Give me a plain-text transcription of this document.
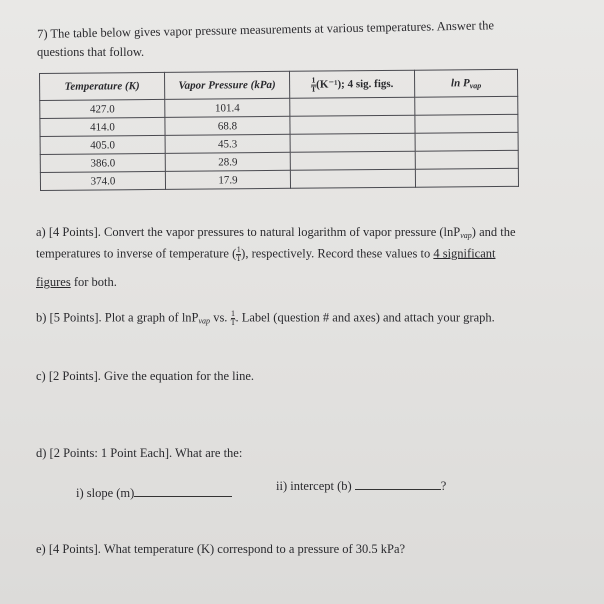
7) The table below gives vapor pressure measurements at various temperatures. Answer the
questions that follow.
Temperature (K)	Vapor Pressure (kPa)	$\frac{1}{T} (K^{-1})$; 4 sig. figs.	$\ln P_{vap}$
427.0	101.4		
414.0	68.8		
405.0	45.3		
386.0	28.9		
374.0	17.9		
a) [4 Points]. Convert the vapor pressures to natural logarithm of vapor pressure (lnP$_{vap}$) and the
temperatures to inverse of temperature ( $\frac{1}{T}$ ), respectively. Record these values to 4 significant
figures for both.
b) [5 Points]. Plot a graph of lnP$_{vap}$ vs. $\frac{1}{T}$ . Label (question # and axes) and attach your graph.
c) [2 Points]. Give the equation for the line.
d) [2 Points: 1 Point Each]. What are the:
i) slope (m)	ii) intercept (b)	?
e) [4 Points]. What temperature (K) correspond to a pressure of 30.5 kPa?
